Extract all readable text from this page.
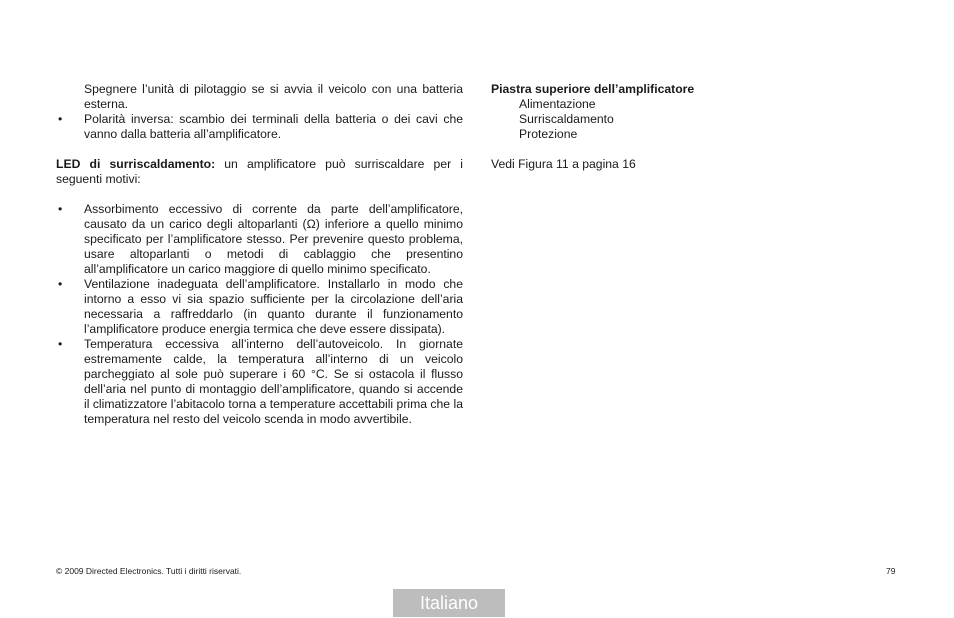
Spegnere l’unità di pilotaggio se si avvia il veicolo con una batteria esterna.
• Polarità inversa: scambio dei terminali della batteria o dei cavi che vanno dalla batteria all’amplificatore.
LED di surriscaldamento: un amplificatore può surriscaldare per i seguenti motivi:
• Assorbimento eccessivo di corrente da parte dell’amplificatore, causato da un carico degli altoparlanti (Ω) inferiore a quello minimo specificato per l’amplificatore stesso. Per prevenire questo problema, usare altoparlanti o metodi di cablaggio che presentino all’amplificatore un carico maggiore di quello minimo specificato.
• Ventilazione inadeguata dell’amplificatore. Installarlo in modo che intorno a esso vi sia spazio sufficiente per la circolazione dell’aria necessaria a raffreddarlo (in quanto durante il funzionamento l’amplificatore produce energia termica che deve essere dissipata).
• Temperatura eccessiva all’interno dell’autoveicolo. In giornate estremamente calde, la temperatura all’interno di un veicolo parcheggiato al sole può superare i 60 °C. Se si ostacola il flusso dell’aria nel punto di montaggio dell’amplificatore, quando si accende il climatizzatore l’abitacolo torna a temperature accettabili prima che la temperatura nel resto del veicolo scenda in modo avvertibile.
Piastra superiore dell’amplificatore
Alimentazione
Surriscaldamento
Protezione
Vedi Figura 11 a pagina 16
© 2009 Directed Electronics. Tutti i diritti riservati.	79
Italiano
